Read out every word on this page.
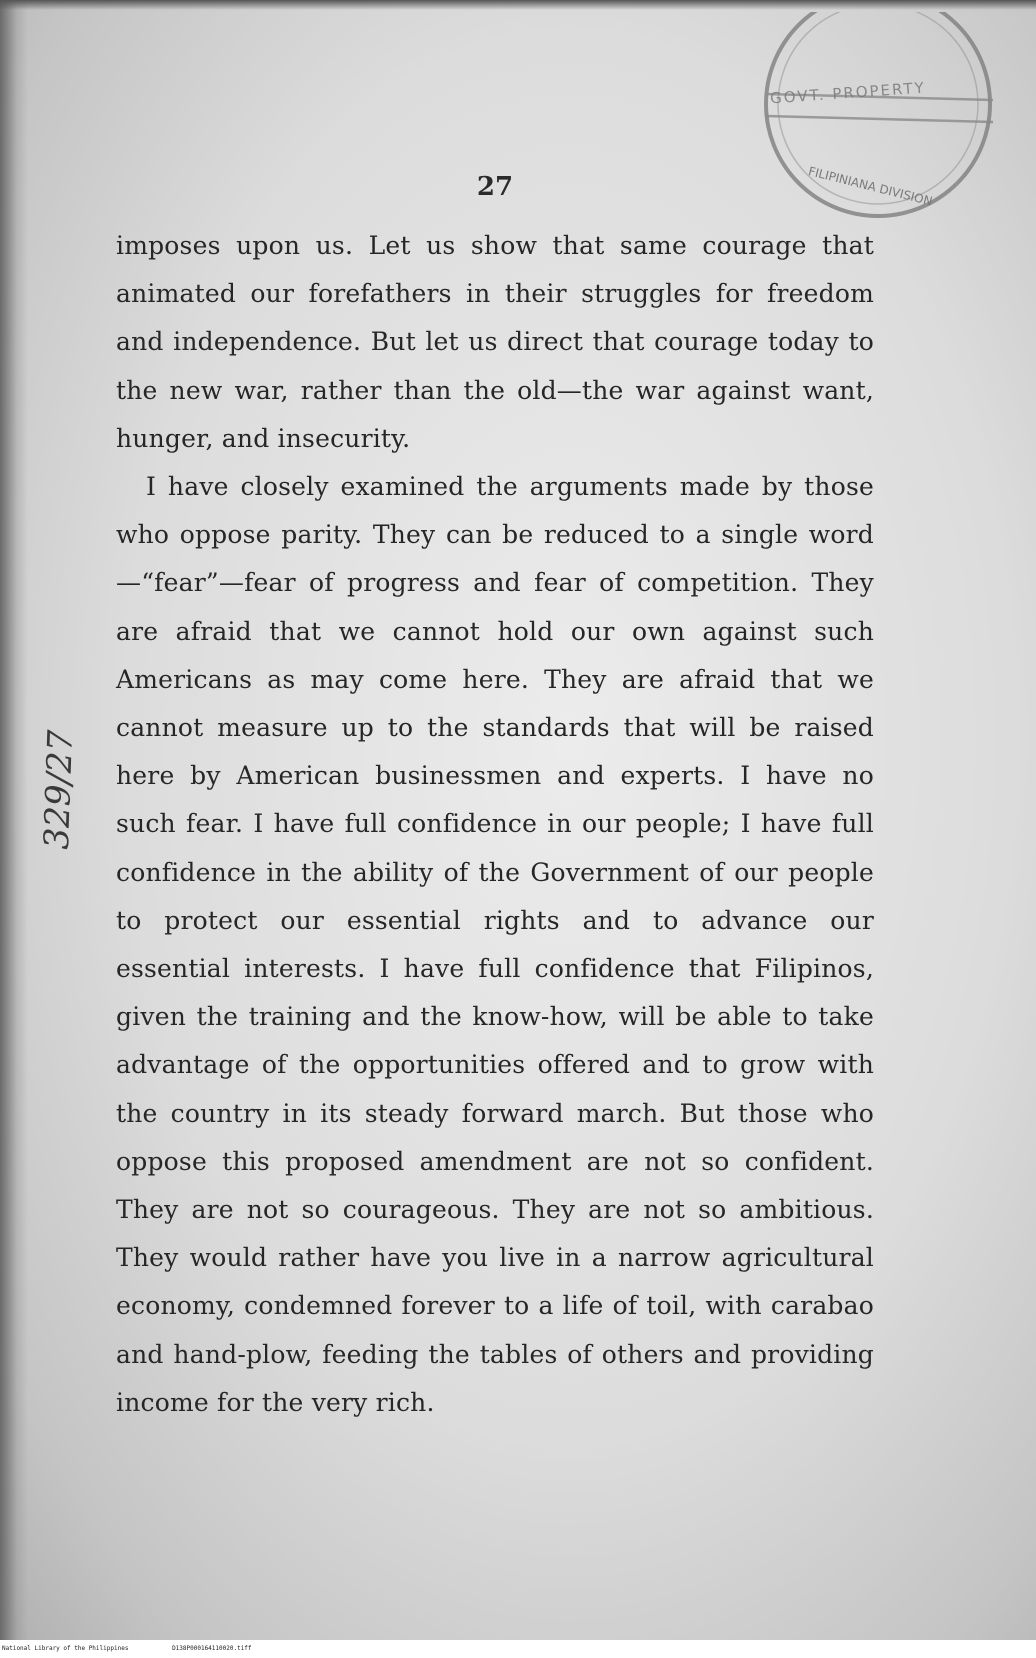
FILIPINIANA DIVISION
GOVT. PROPERTY
329/27
27

imposes upon us. Let us show that same courage that animated our forefathers in their struggles for freedom and independence. But let us direct that courage today to the new war, rather than the old—the war against want, hunger, and insecurity.

I have closely examined the arguments made by those who oppose parity. They can be reduced to a single word—“fear”—fear of progress and fear of competition. They are afraid that we cannot hold our own against such Americans as may come here. They are afraid that we cannot measure up to the standards that will be raised here by American businessmen and experts. I have no such fear. I have full confidence in our people; I have full confidence in the ability of the Government of our people to protect our essential rights and to advance our essential interests. I have full confidence that Filipinos, given the training and the know-how, will be able to take advantage of the opportunities offered and to grow with the country in its steady forward march. But those who oppose this proposed amendment are not so confident. They are not so courageous. They are not so ambitious. They would rather have you live in a narrow agricultural economy, condemned forever to a life of toil, with carabao and hand-plow, feeding the tables of others and providing income for the very rich.

National Library of the Philippines	D138P000164110020.tiff
